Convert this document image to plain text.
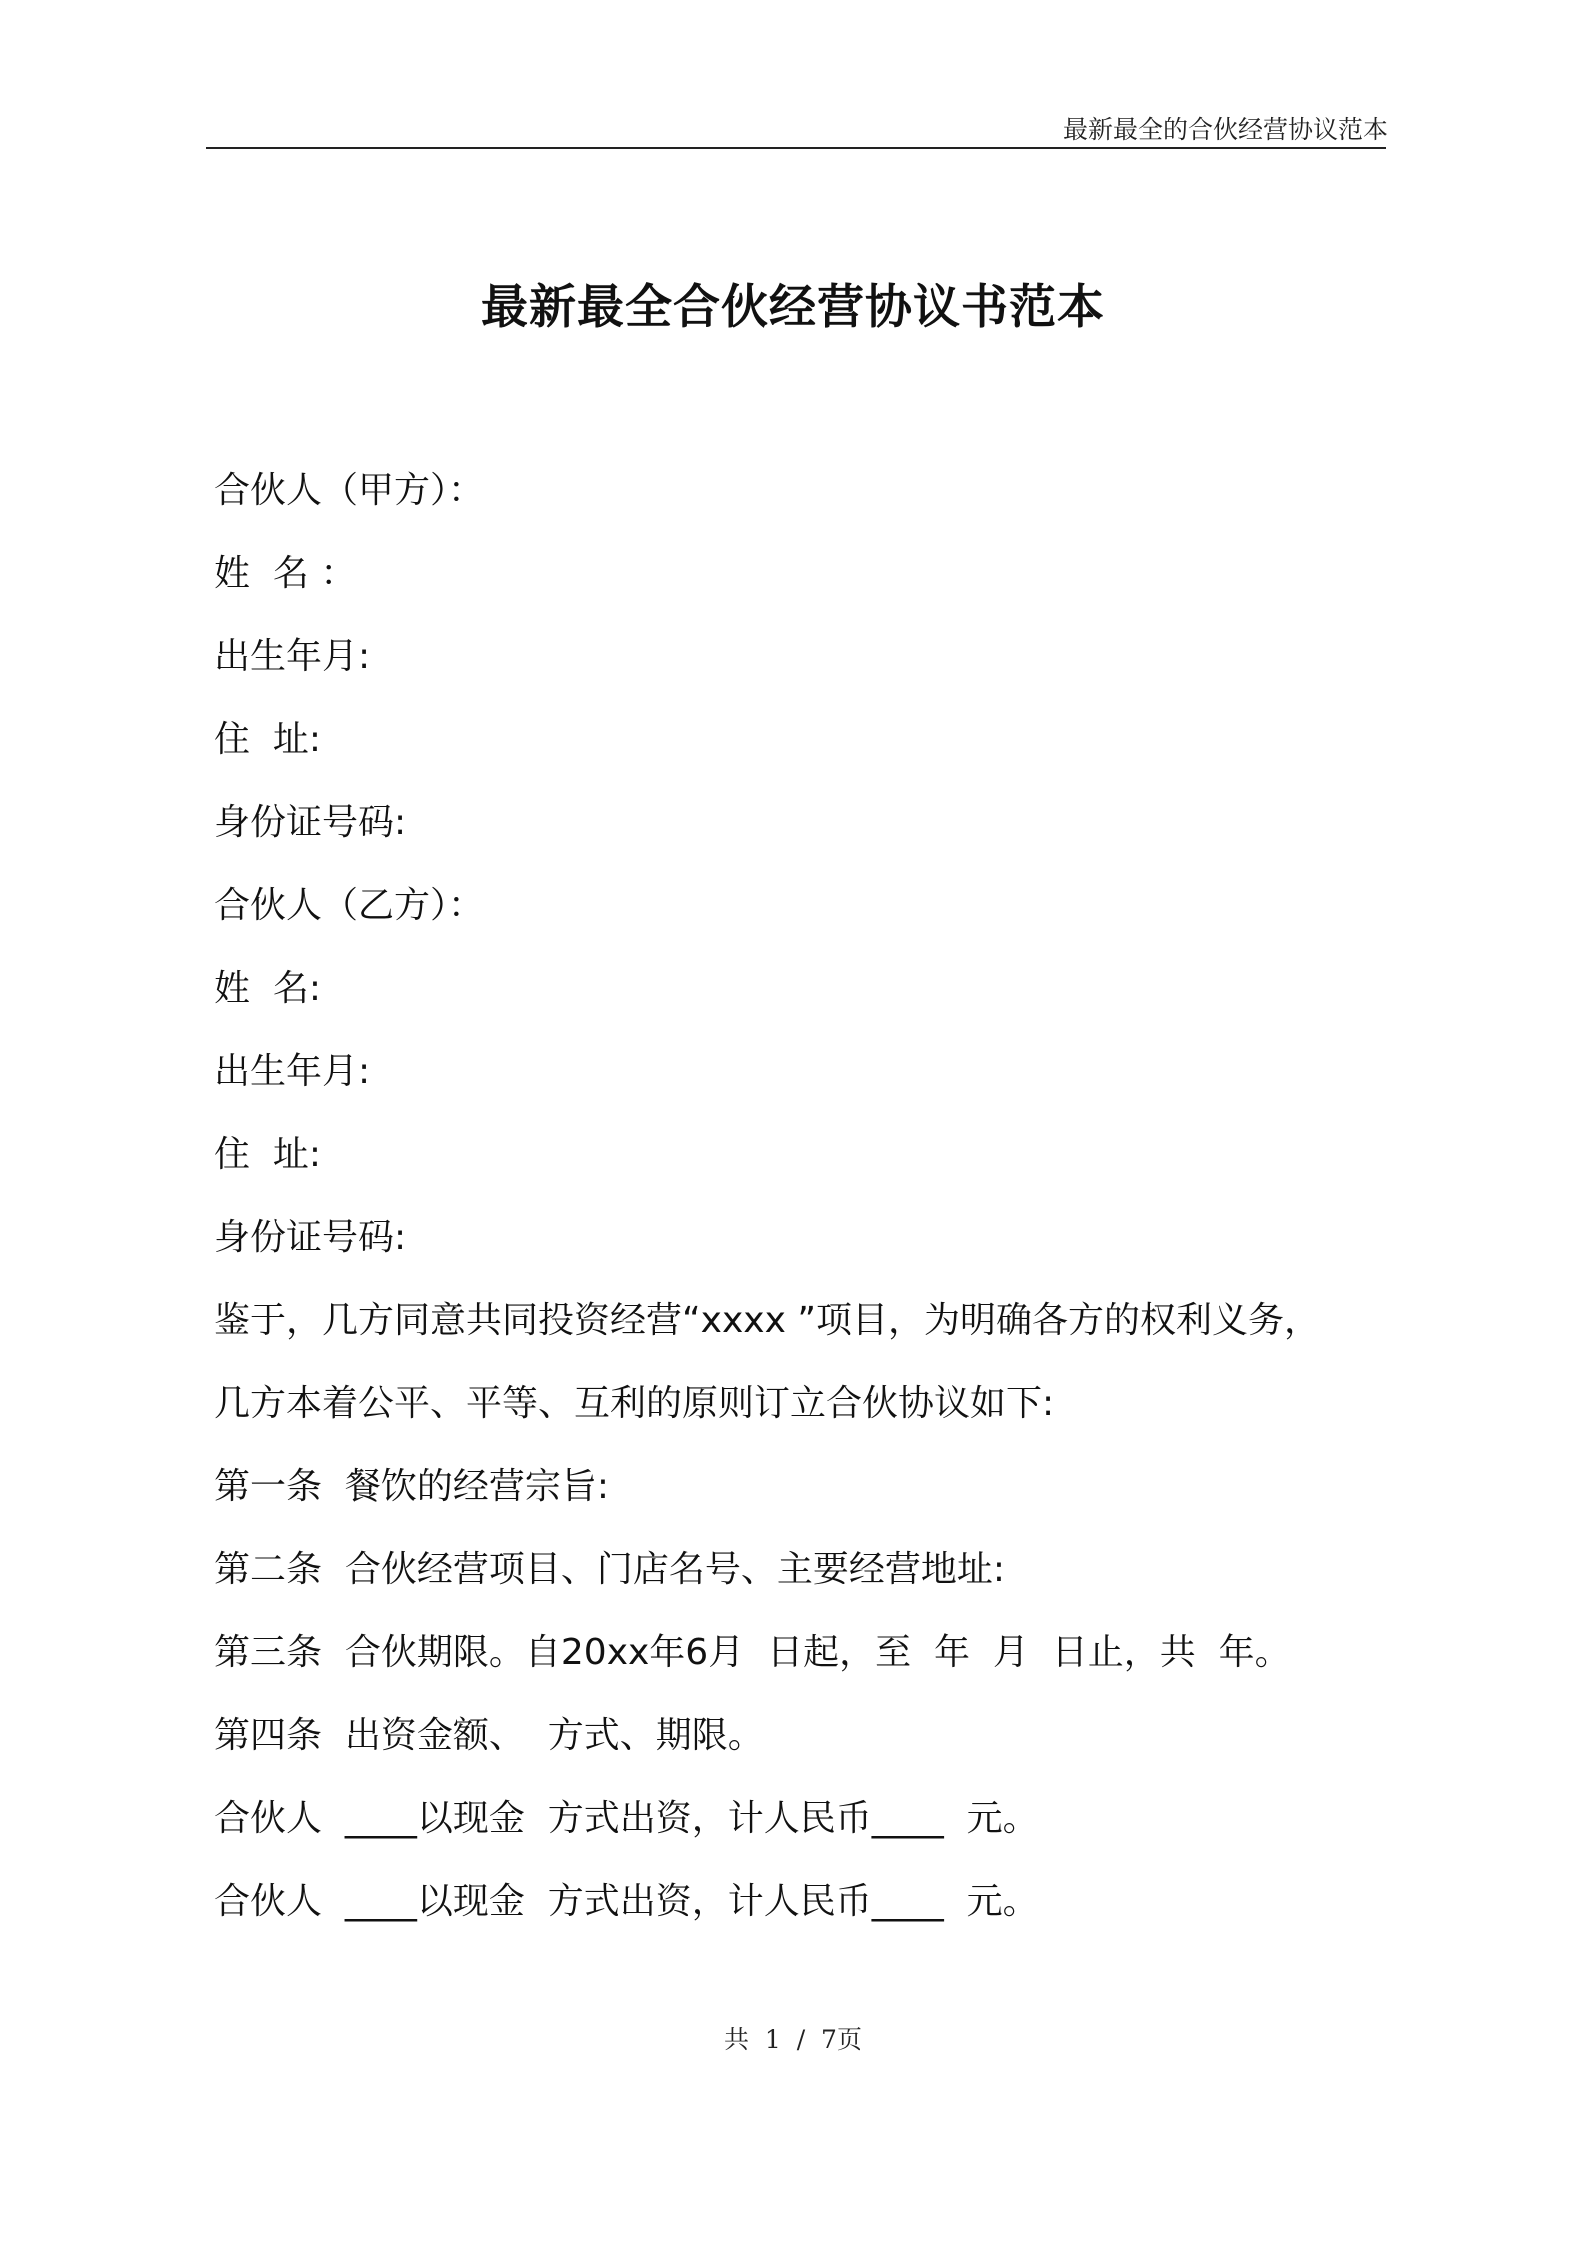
最新最全的合伙经营协议范本
最新最全合伙经营协议书范本
合伙人（甲方）：
姓  名 ：
出生年月:
住  址:
身份证号码:
合伙人（乙方）：
姓  名:
出生年月:
住  址:
身份证号码:
鉴于，几方同意共同投资经营“xxxx ”项目，为明确各方的权利义务，
几方本着公平、平等、互利的原则订立合伙协议如下:
第一条  餐饮的经营宗旨:
第二条  合伙经营项目、门店名号、主要经营地址:
第三条  合伙期限。自20xx年6月  日起，至  年  月  日止，共  年。
第四条  出资金额、  方式、期限。
合伙人  ____以现金  方式出资，计人民币____  元。
合伙人  ____以现金  方式出资，计人民币____  元。
共  1  /  7页
